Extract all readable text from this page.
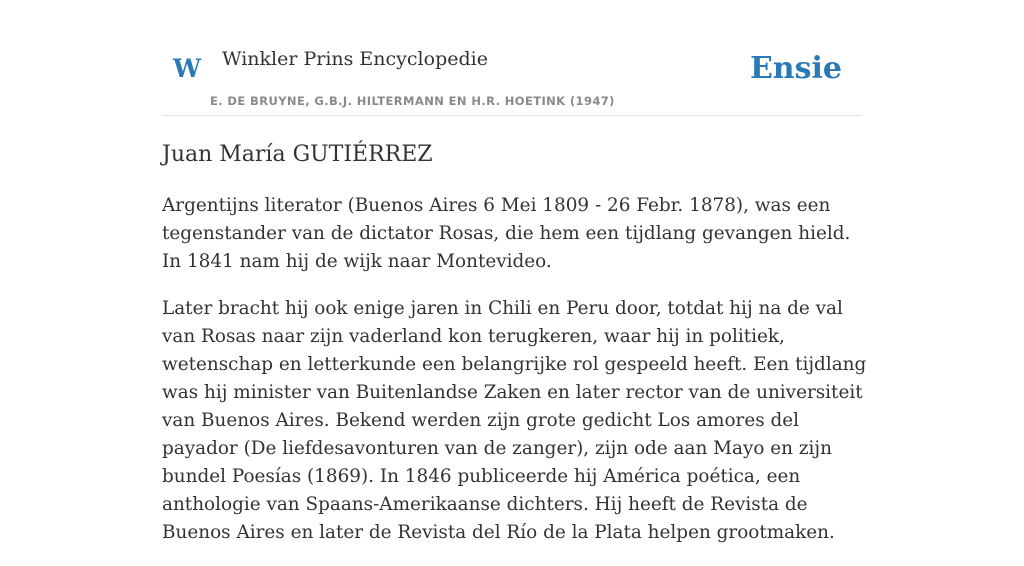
W Winkler Prins Encyclopedie
E. DE BRUYNE, G.B.J. HILTERMANN EN H.R. HOETINK (1947)
Ensie
Juan María GUTIÉRREZ

Argentijns literator (Buenos Aires 6 Mei 1809 - 26 Febr. 1878), was een tegenstander van de dictator Rosas, die hem een tijdlang gevangen hield. In 1841 nam hij de wijk naar Montevideo.

Later bracht hij ook enige jaren in Chili en Peru door, totdat hij na de val van Rosas naar zijn vaderland kon terugkeren, waar hij in politiek, wetenschap en letterkunde een belangrijke rol gespeeld heeft. Een tijdlang was hij minister van Buitenlandse Zaken en later rector van de universiteit van Buenos Aires. Bekend werden zijn grote gedicht Los amores del payador (De liefdesavonturen van de zanger), zijn ode aan Mayo en zijn bundel Poesías (1869). In 1846 publiceerde hij América poética, een anthologie van Spaans-Amerikaanse dichters. Hij heeft de Revista de Buenos Aires en later de Revista del Río de la Plata helpen grootmaken.
